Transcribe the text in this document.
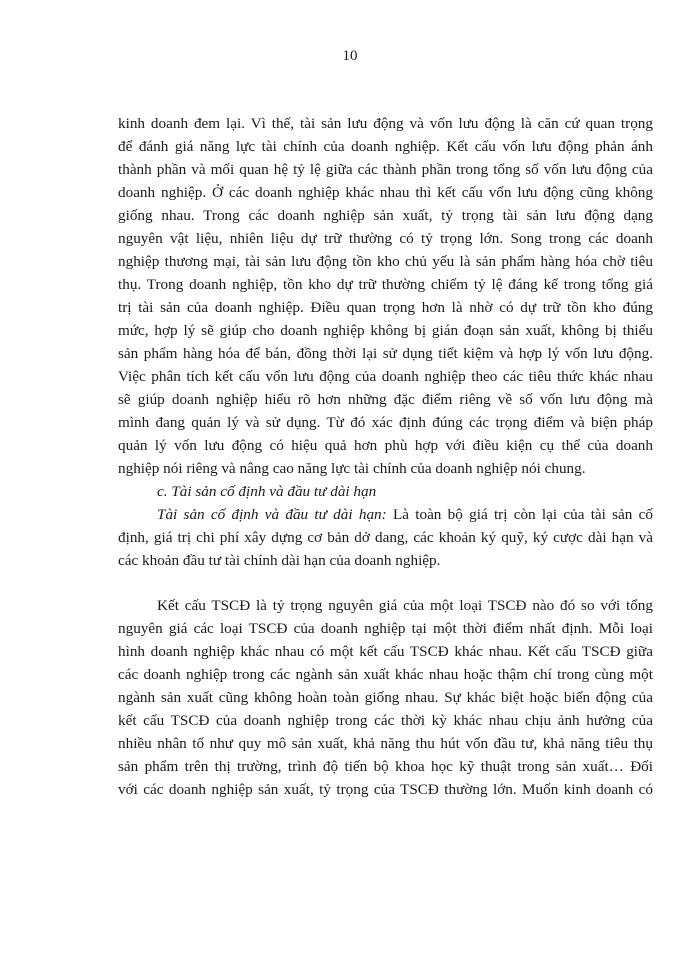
10
kinh doanh đem lại. Vì thế, tài sản lưu động và vốn lưu động là căn cứ quan trọng
để đánh giá năng lực tài chính của doanh nghiệp. Kết cấu vốn lưu động phản ánh
thành phần và mối quan hệ tỷ lệ giữa các thành phần trong tổng số vốn lưu động của
doanh nghiệp. Ở các doanh nghiệp khác nhau thì kết cấu vốn lưu động cũng không
giống nhau. Trong các doanh nghiệp sản xuất, tỷ trọng tài sản lưu động dạng
nguyên vật liệu, nhiên liệu dự trữ thường có tỷ trọng lớn. Song trong các doanh
nghiệp thương mại, tài sản lưu động tồn kho chủ yếu là sản phẩm hàng hóa chờ tiêu
thụ. Trong doanh nghiệp, tồn kho dự trữ thường chiếm tỷ lệ đáng kể trong tổng giá
trị tài sản của doanh nghiệp. Điều quan trọng hơn là nhờ có dự trữ tồn kho đúng
mức, hợp lý sẽ giúp cho doanh nghiệp không bị gián đoạn sản xuất, không bị thiếu
sản phẩm hàng hóa để bán, đồng thời lại sử dụng tiết kiệm và hợp lý vốn lưu động.
Việc phân tích kết cấu vốn lưu động của doanh nghiệp theo các tiêu thức khác nhau
sẽ giúp doanh nghiệp hiểu rõ hơn những đặc điểm riêng về số vốn lưu động mà
mình đang quản lý và sử dụng. Từ đó xác định đúng các trọng điểm và biện pháp
quản lý vốn lưu động có hiệu quả hơn phù hợp với điều kiện cụ thể của doanh
nghiệp nói riêng và nâng cao năng lực tài chính của doanh nghiệp nói chung.
c. Tài sản cố định và đầu tư dài hạn
Tài sản cố định và đầu tư dài hạn: Là toàn bộ giá trị còn lại của tài sản cố
định, giá trị chi phí xây dựng cơ bản dở dang, các khoản ký quỹ, ký cược dài hạn và
các khoản đầu tư tài chính dài hạn của doanh nghiệp.
Kết cấu TSCĐ là tỷ trọng nguyên giá của một loại TSCĐ nào đó so với tổng
nguyên giá các loại TSCĐ của doanh nghiệp tại một thời điểm nhất định. Mỗi loại
hình doanh nghiệp khác nhau có một kết cấu TSCĐ khác nhau. Kết cấu TSCĐ giữa
các doanh nghiệp trong các ngành sản xuất khác nhau hoặc thậm chí trong cùng một
ngành sản xuất cũng không hoàn toàn giống nhau. Sự khác biệt hoặc biến động của
kết cấu TSCĐ của doanh nghiệp trong các thời kỳ khác nhau chịu ảnh hưởng của
nhiều nhân tố như quy mô sản xuất, khả năng thu hút vốn đầu tư, khả năng tiêu thụ
sản phẩm trên thị trường, trình độ tiến bộ khoa học kỹ thuật trong sản xuất… Đối
với các doanh nghiệp sản xuất, tỷ trọng của TSCĐ thường lớn. Muốn kinh doanh có
